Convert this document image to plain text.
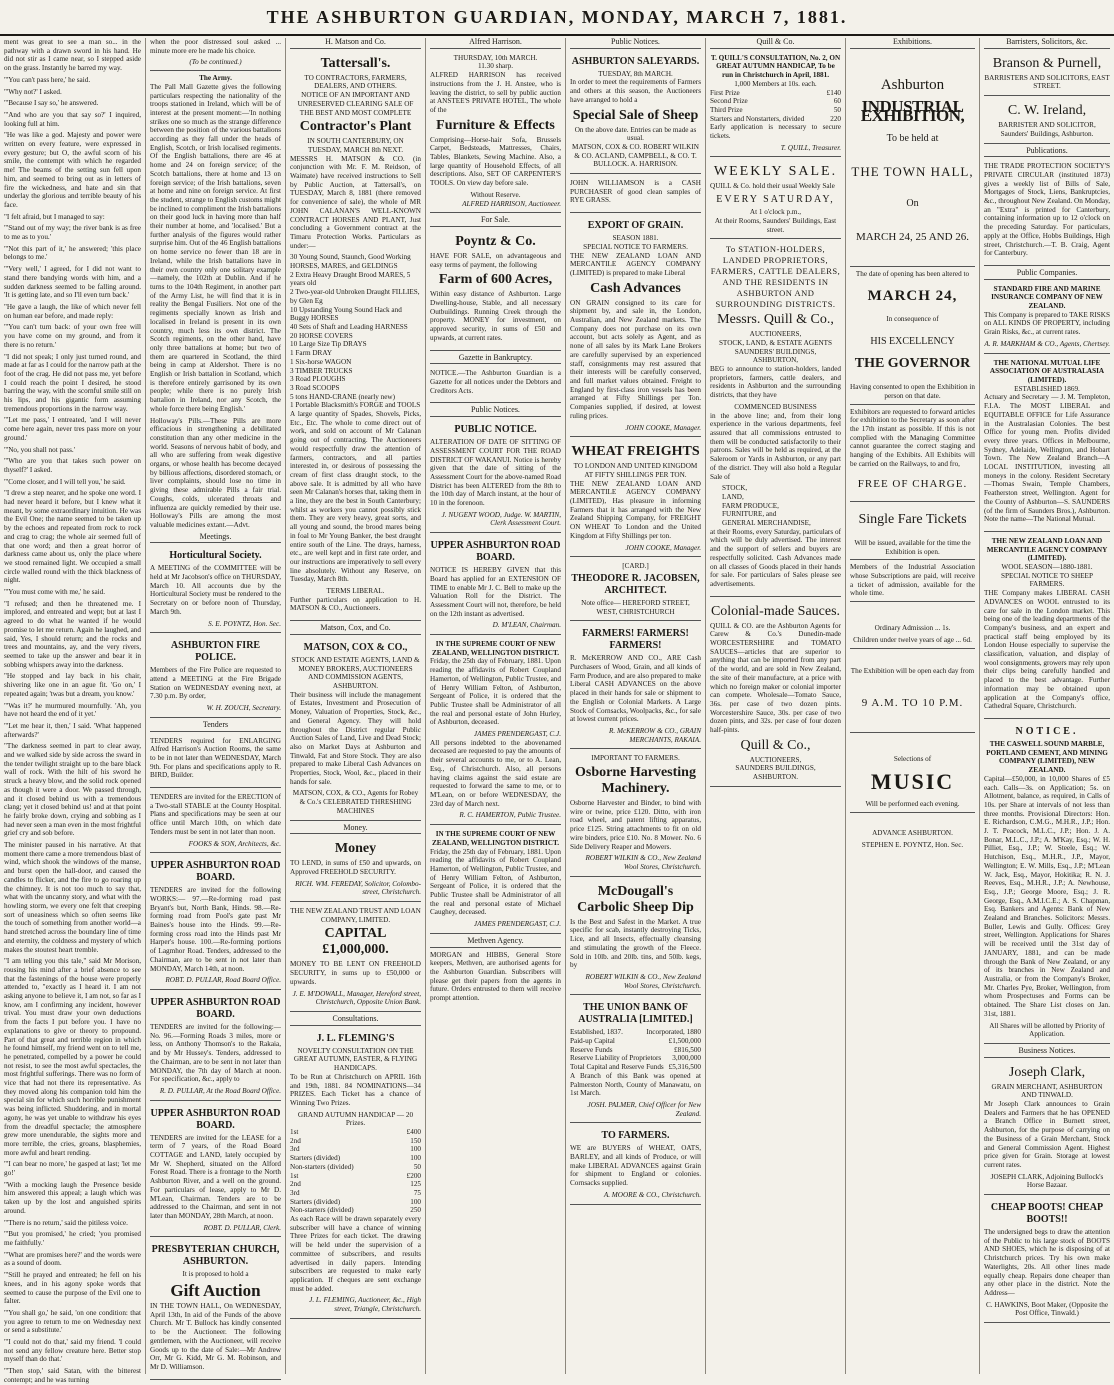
THE ASHBURTON GUARDIAN, MONDAY, MARCH 7, 1881.

ment was great to see a man so... in the pathway with a drawn sword in his hand. He did not stir as I came near, so I stepped aside on the grass. Instantly he barred my way.

"'You can't pass here,' he said.

"'Why not?' I asked.

"'Because I say so,' he answered.

"'And who are you that say so?' I inquired, looking full at him.

"He was like a god. Majesty and power were written on every feature, were expressed in every gesture; but O, the awful scorn of his smile, the contempt with which he regarded me! The beams of the setting sun fell upon him, and seemed to bring out as in letters of fire the wickedness, and hate and sin that underlay the glorious and terrible beauty of his face.

"I felt afraid, but I managed to say:

"'Stand out of my way; the river bank is as free to me as to you.'

"'Not this part of it,' he answered; 'this place belongs to me.'

"'Very well,' I agreed, for I did not want to stand there bandying words with him, and a sudden darkness seemed to be falling around. 'It is getting late, and so I'll even turn back.'

"He gave a laugh, the like of which never fell on human ear before, and made reply:

"'You can't turn back: of your own free will you have come on my ground, and from it there is no return.'

"I did not speak; I only just turned round, and made at far as I could for the narrow path at the foot of the crag. He did not pass me, yet before I could reach the point I desired, he stood barring the way, with the scornful smile still on his lips, and his gigantic form assuming tremendous proportions in the narrow way.

"'Let me pass,' I entreated, 'and I will never come here again, never tres pass more on your ground.'

"'No, you shall not pass.'

"'Who are you that takes such power on thyself?' I asked.

"'Come closer, and I will tell you,' he said.

"I drew a step nearer, and he spoke one word. I had never heard it before, but I knew what it meant, by some extraordinary intuition. He was the Evil One; the name seemed to be taken up by the echoes and repeated from rock to rock and crag to crag; the whole air seemed full of that one word; and then a great horror of darkness came about us, only the place where we stood remained light. We occupied a small circle walled round with the thick blackness of night.

"'You must come with me,' he said.

"I refused; and then he threatened me. I implored, and entreated and wept; but at last I agreed to do what he wanted if he would promise to let me return. Again he laughed, and said, Yes, I should return; and the rocks and trees and mountains, ay, and the very rivers, seemed to take up the answer and bear it in sobbing whispers away into the darkness.

"He stopped and lay back in his chair, shivering like one in an ague fit. 'Go on,' I repeated again; 'twas but a dream, you know.'

"'Was it?' he murmured mournfully. 'Ah, you have not heard the end of it yet.'

"'Let me hear it, then,' I said. 'What happened afterwards?'

"The darkness seemed in part to clear away, and we walked side by side across the sward in the tender twilight straight up to the bare black wall of rock. With the hilt of his sword he struck a heavy blow, and the solid rock opened as though it were a door. We passed through, and it closed behind us with a tremendous clang; yet it closed behind us! and at that point he fairly broke down, crying and sobbing as I had never seen a man even in the most frightful grief cry and sob before.

The minister paused in his narrative. At that moment there came a more tremendous blast of wind, which shook the windows of the manse, and burst open the hall-door, and caused the candles to flicker, and the fire to go roaring up the chimney. It is not too much to say that, what with the uncanny story, and what with the howling storm, we every one felt that creeping sort of uneasiness which so often seems like the touch of something from another world—a hand stretched across the boundary line of time and eternity, the coldness and mystery of which makes the stoutest heart tremble.

"I am telling you this tale," said Mr Morison, rousing his mind after a brief absence to see that the fastenings of the house were properly attended to, "exactly as I heard it. I am not asking anyone to believe it, I am not, so far as I know, am I confirming any incident, however trival. You must draw your own deductions from the facts I put before you. I have no explanations to give or theory to propound. Part of that great and terrible region in which he found himself, my friend went on to tell me, he penetrated, compelled by a power he could not resist, to see the most awful spectacles, the most frightful sufferings. There was no form of vice that had not there its representative. As they moved along his companion told him the special sin for which such horrible punishment was being inflicted. Shuddering, and in mortal agony, he was yet unable to withdraw his eyes from the dreadful spectacle; the atmosphere grew more unendurable, the sights more and more terrible, the cries, groans, blasphemies, more awful and heart rending.

"'I can bear no more,' he gasped at last; 'let me go!'

"With a mocking laugh the Presence beside him answered this appeal; a laugh which was taken up by the lost and anguished spirits around.

"'There is no return,' said the pitiless voice.

"'But you promised,' he cried; 'you promised me faithfully.'

"'What are promises here?' and the words were as a sound of doom.

"'Still he prayed and entreated; he fell on his knees, and in his agony spoke words that seemed to cause the purpose of the Evil one to falter.

"'You shall go,' he said, 'on one condition: that you agree to return to me on Wednesday next or send a substitute.'

"'I could not do that,' said my friend. 'I could not send any fellow creature here. Better stop myself than do that.'

"'Then stop,' said Satan, with the bitterest contempt; and he was turning

when the poor distressed soul asked ... minute more ere he made his choice.

(To be continued.)

The Army.

The Pall Mall Gazette gives the following particulars respecting the nationality of the troops stationed in Ireland, which will be of interest at the present moment:—'In nothing strikes one so much as the strange difference between the position of the various battalions according as they fall under the heads of English, Scotch, or Irish localised regiments. Of the English battalions, there are 46 at home and 24 on foreign service; of the Scotch battalions, there at home and 13 on foreign service; of the Irish battalions, seven at home and nine on foreign service. At first the student, strange to English customs might be inclined to compliment the Irish battalions on their good luck in having more than half their number at home, and 'localised.' But a further analysis of the figures would rather surprise him. Out of the 46 English battalions on home service no fewer than 18 are in Ireland, while the Irish battalions have in their own country only one solitary example—namely, the 102th at Dublin. And if he turns to the 104th Regiment, in another part of the Army List, he will find that it is in reality the Bengal Fusiliers. Not one of the regiments specially known as Irish and localised in Ireland is present in its own country, much less its own district. The Scotch regiments, on the other hand, have only three battalions at home; but two of them are quartered in Scotland, the third being in camp at Aldershot. There is no English or Irish battalion in Scotland, which is therefore entirely garrisoned by its own people; while there is no purely Irish battalion in Ireland, nor any Scotch, the whole force there being English.'

Holloway's Pills.—These Pills are more efficacious in strengthening a debilitated constitution than any other medicine in the world. Seasons of nervous habit of body, and all who are suffering from weak digestive organs, or whose health has become decayed by billious affections, disordered stomach, or liver complaints, should lose no time in giving these admirable Pills a fair trial. Coughs, colds, ulcerated throats and influenza are quickly remedied by their use. Holloway's Pills are among the most valuable medicines extant.—Advt.

Meetings.
Horticultural Society.

A MEETING of the COMMITTEE will be held at Mr Jacobson's office on THURSDAY, March 10. All accounts due by the Horticultural Society must be rendered to the Secretary on or before noon of Thursday, March 9th.

S. E. POYNTZ, Hon. Sec.
ASHBURTON FIRE POLICE.

Members of the Fire Police are requested to attend a MEETING at the Fire Brigade Station on WEDNESDAY evening next, at 7.30 p.m. By order,

W. H. ZOUCH, Secretary.
Tenders

TENDERS required for ENLARGING Alfred Harrison's Auction Rooms, the same to be in not later than WEDNESDAY, March 9th. For plans and specifications apply to R. BIRD, Builder.

TENDERS are invited for the ERECTION of a Two-stall STABLE at the County Hospital. Plans and specifications may be seen at our office until March 10th, on which date Tenders must be sent in not later than noon.

FOOKS & SON, Architects, &c.
UPPER ASHBURTON ROAD BOARD.

TENDERS are invited for the following WORKS:— 97.—Re-forming road past Bryant's but, North Bank, Hinds. 98.—Re-forming road from Pool's gate past Mr Baines's house into the Hinds. 99.—Re-forming cross road into the Hinds past Mr Harper's house. 100.—Re-forming portions of Lagmhor Road. Tenders, addressed to the Chairman, are to be sent in not later than MONDAY, March 14th, at noon.

ROBT. D. PULLAR, Road Board Office.
UPPER ASHBURTON ROAD BOARD.

TENDERS are invited for the following:— No. 96.—Forming Roads 3 miles, more or less, on Anthony Thomson's to the Rakaia, and by Mr Hussey's. Tenders, addressed to the Chairman, are to be sent in not later than MONDAY, the 7th day of March at noon. For specification, &c., apply to

R. D. PULLAR, At the Road Board Office.
UPPER ASHBURTON ROAD BOARD.

TENDERS are invited for the LEASE for a term of 7 years, of the Road Board COTTAGE and LAND, lately occupied by Mr W. Shepherd, situated on the Alford Forest Road. There is a frontage to the North Ashburton River, and a well on the ground. For particulars of lease, apply to Mr D. M'Lean, Chairman. Tenders are to be addressed to the Chairman, and sent in not later than MONDAY, 28th March, at noon.

ROBT. D. PULLAR, Clerk.
PRESBYTERIAN CHURCH, ASHBURTON.
It is proposed to hold a
Gift Auction

IN THE TOWN HALL, On WEDNESDAY, April 13th, In aid of the Funds of the above Church. Mr T. Bullock has kindly consented to be the Auctioneer. The following gentlemen, with the Auctioneer, will receive Goods up to the date of Sale:—Mr Andrew Orr, Mr G. Kidd, Mr G. M. Robinson, and Mr D. Williamson.

H. Matson and Co.
Tattersall's.
TO CONTRACTORS, FARMERS, DEALERS, AND OTHERS.
NOTICE OF AN IMPORTANT AND UNRESERVED CLEARING SALE OF THE BEST AND MOST COMPLETE
Contractor's Plant
IN SOUTH CANTERBURY, ON TUESDAY, MARCH 8th NEXT.

MESSRS H. MATSON & CO. (in conjunction with Mr. F. M. Reidson, of Waimate) have received instructions to Sell by Public Auction, at Tattersall's, on TUESDAY, March 8, 1881 (there removed for convenience of sale), the whole of MR JOHN CALANAN'S WELL-KNOWN CONTRACT HORSES AND PLANT, Just concluding a Government contract at the Timaru Protection Works. Particulars as under:—

30 Young Sound, Staunch, Good Working HORSES, MARES, and GELDINGS
2 Extra Heavy Draught Brood MARES, 5 years old
2 Two-year-old Unbroken Draught FILLIES, by Glen Eg
10 Upstanding Young Sound Hack and Buggy HORSES
40 Sets of Shaft and Leading HARNESS
20 HORSE COVERS
10 Large Size Tip DRAYS
1 Farm DRAY
1 Six-horse WAGON
3 TIMBER TRUCKS
3 Road PLOUGHS
3 Road SCOOPS
5 tons HAND-CRANE (nearly new)
1 Portable Blacksmith's FORGE and TOOLS

A large quantity of Spades, Shovels, Picks, Etc., Etc. The whole to come direct out of work, and sold on account of Mr Calanan going out of contracting. The Auctioneers would respectfully draw the attention of farmers, contractors, and all parties interested in, or desirous of possessing the cream of first class draught stock, to the above sale. It is admitted by all who have seen Mr Calanan's horses that, taking them in a line, they are the best in South Canterbury; whilst as workers you cannot possibly stick them. They are very heavy, great sorts, and all young and sound, the brood mares being in foal to Mr Young Banker, the best draught entire south of the Line. The drays, harness, etc., are well kept and in first rate order, and our instructions are imperatively to sell every line absolutely. Without any Reserve, on Tuesday, March 8th.

TERMS LIBERAL.

Further particulars on application to H. MATSON & CO., Auctioneers.

Matson, Cox, and Co.
MATSON, COX & CO.,
STOCK AND ESTATE AGENTS, LAND & MONEY BROKERS, AUCTIONEERS AND COMMISSION AGENTS, ASHBURTON.

Their business will include the management of Estates, Investment and Prosecution of Money, Valuation of Properties, Stock, &c., and General Agency. They will hold throughout the District regular Public Auction Sales of Land, Live and Dead Stock; also on Market Days at Ashburton and Tinwald, Fat and Store Stock. They are also prepared to make Liberal Cash Advances on Properties, Stock, Wool, &c., placed in their hands for sale.

MATSON, COX, & CO., Agents for Robey & Co.'s CELEBRATED THRESHING MACHINES
Money.
Money

TO LEND, in sums of £50 and upwards, on Approved FREEHOLD SECURITY.

RICH. WM. FEREDAY, Solicitor, Colombo-street, Christchurch.
THE NEW ZEALAND TRUST AND LOAN COMPANY, LIMITED.
CAPITAL £1,000,000.

MONEY TO BE LENT ON FREEHOLD SECURITY, in sums up to £50,000 or upwards.

J. E. M'DOWALL, Manager, Hereford street, Christchurch, Opposite Union Bank.
Consultations.
J. L. FLEMING'S
NOVELTY CONSULTATION ON THE GREAT AUTUMN, EASTER, & FLYING HANDICAPS.

To be Run at Christchurch on APRIL 16th and 19th, 1881. 84 NOMINATIONS—34 PRIZES. Each Ticket has a chance of Winning Two Prizes.

GRAND AUTUMN HANDICAP — 20 Prizes.
1st	£400
2nd	150
3rd	100
Starters (divided)	100
Non-starters (divided)	50
1st	£200
2nd	125
3rd	75
Starters (divided)	100
Non-starters (divided)	250

As each Race will be drawn separately every subscriber will have a chance of winning Three Prizes for each ticket. The drawing will be held under the supervision of a committee of subscribers, and results advertised in daily papers. Intending subscribers are requested to make early application. If cheques are sent exchange must be added.

J. L. FLEMING, Auctioneer, &c., High street, Triangle, Christchurch.
Alfred Harrison.
THURSDAY, 10th MARCH.
11.30 sharp.

ALFRED HARRISON has received instructions from the J. H. Anstee, who is leaving the district, to sell by public auction at ANSTEE'S PRIVATE HOTEL, The whole of the

Furniture & Effects

Comprising—Horse-hair Sofa, Brussels Carpet, Bedsteads, Mattresses, Chairs, Tables, Blankets, Sewing Machine. Also, a large quantity of Household Effects, of all descriptions. Also, SET OF CARPENTER'S TOOLS. On view day before sale.

Without Reserve.
ALFRED HARRISON, Auctioneer.
For Sale.
Poyntz & Co.

HAVE FOR SALE, on advantageous and easy terms of payment, the following

Farm of 600 Acres,

Within easy distance of Ashburton. Large Dwelling-house, Stable, and all necessary Outbuildings. Running Creek through the property. MONEY for investment, on approved security, in sums of £50 and upwards, at current rates.

Gazette in Bankruptcy.

NOTICE.—The Ashburton Guardian is a Gazette for all notices under the Debtors and Creditors Acts.

Public Notices.
PUBLIC NOTICE.

ALTERATION OF DATE OF SITTING OF ASSESSMENT COURT FOR THE ROAD DISTRICT OF WAKANUI. Notice is hereby given that the date of sitting of the Assessment Court for the above-named Road District has been ALTERED from the 8th to the 10th day of March instant, at the hour of 10 in the forenoon.

J. NUGENT WOOD, Judge. W. MARTIN, Clerk Assessment Court.
UPPER ASHBURTON ROAD BOARD.

NOTICE IS HEREBY GIVEN that this Board has applied for an EXTENSION OF TIME to enable Mr J. C. Bell to make up the Valuation Roll for the District. The Assessment Court will not, therefore, be held on the 12th instant as advertised.

D. M'LEAN, Chairman.
IN THE SUPREME COURT OF NEW ZEALAND, WELLINGTON DISTRICT.

Friday, the 25th day of February, 1881. Upon reading the affidavits of Robert Coupland Hamerton, of Wellington, Public Trustee, and of Henry William Felton, of Ashburton, Sergeant of Police, it is ordered that the Public Trustee shall be Administrator of all the real and personal estate of John Hurley, of Ashburton, deceased.

JAMES PRENDERGAST, C.J.

All persons indebted to the abovenamed deceased are requested to pay the amounts of their several accounts to me, or to A. Lean, Esq., of Christchurch. Also, all persons having claims against the said estate are requested to forward the same to me, or to M'Lean, on or before WEDNESDAY, the 23rd day of March next.

R. C. HAMERTON, Public Trustee.
IN THE SUPREME COURT OF NEW ZEALAND, WELLINGTON DISTRICT.

Friday, the 25th day of February, 1881. Upon reading the affidavits of Robert Coupland Hamerton, of Wellington, Public Trustee, and of Henry William Felton, of Ashburton, Sergeant of Police, it is ordered that the Public Trustee shall be Administrator of all the real and personal estate of Michael Caughey, deceased.

JAMES PRENDERGAST, C.J.
Methven Agency.

MORGAN and HIBBS, General Store keepers, Methven, are authorised agents for the Ashburton Guardian. Subscribers will please get their papers from the agents in future. Orders entrusted to them will receive prompt attention.

Public Notices.
ASHBURTON SALEYARDS.
TUESDAY, 8th MARCH.

In order to meet the requirements of Farmers and others at this season, the Auctioneers have arranged to hold a

Special Sale of Sheep
On the above date. Entries can be made as usual.
MATSON, COX & CO. ROBERT WILKIN & CO. ACLAND, CAMPBELL, & CO. T. BULLOCK. A. HARRISON.

JOHN WILLIAMSON is a CASH PURCHASER of good clean samples of RYE GRASS.

EXPORT OF GRAIN.
SEASON 1881.
SPECIAL NOTICE TO FARMERS.

THE NEW ZEALAND LOAN AND MERCANTILE AGENCY COMPANY (LIMITED) is prepared to make Liberal

Cash Advances

ON GRAIN consigned to its care for shipment by, and sale in, the London, Australian, and New Zealand markets. The Company does not purchase on its own account, but acts solely as Agent, and as none of all sales by its Mark Lane Brokers are carefully supervised by an experienced staff, consignments may rest assured that their interests will be carefully conserved, and full market values obtained. Freight to England by first-class iron vessels has been arranged at Fifty Shillings per Ton. Companies supplied, if desired, at lowest ruling prices.

JOHN COOKE, Manager.
WHEAT FREIGHTS
TO LONDON AND UNITED KINGDOM AT FIFTY SHILLINGS PER TON.

THE NEW ZEALAND LOAN AND MERCANTILE AGENCY COMPANY (LIMITED), Has pleasure in informing Farmers that it has arranged with the New Zealand Shipping Company, for FREIGHT ON WHEAT To London and the United Kingdom at Fifty Shillings per ton.

JOHN COOKE, Manager.
[CARD.]
THEODORE R. JACOBSEN, ARCHITECT.
Note office— HEREFORD STREET, WEST, CHRISTCHURCH
FARMERS! FARMERS! FARMERS!

R. McKERROW AND CO., ARE Cash Purchasers of Wood, Grain, and all kinds of Farm Produce, and are also prepared to make Liberal CASH ADVANCES on the above placed in their hands for sale or shipment to the English or Colonial Markets. A Large Stock of Cornsacks, Woolpacks, &c., for sale at lowest current prices.

R. McKERROW & CO., GRAIN MERCHANTS, RAKAIA.
IMPORTANT TO FARMERS.
Osborne Harvesting Machinery.

Osborne Harvester and Binder, to bind with wire or twine, price £120. Ditto, with iron road wheel, and patent lifting apparatus, price £125. String attachments to fit on old wire binders, price £10. No. 8 Mower. No. 6 Side Delivery Reaper and Mowers.

ROBERT WILKIN & CO., New Zealand Wool Stores, Christchurch.
McDougall's Carbolic Sheep Dip

Is the Best and Safest in the Market. A true specific for scab, instantly destroying Ticks, Lice, and all Insects, effectually cleansing and stimulating the growth of the Fleece. Sold in 10lb. and 20lb. tins, and 50lb. kegs, by

ROBERT WILKIN & CO., New Zealand Wool Stores, Christchurch.
THE UNION BANK OF AUSTRALIA [LIMITED.]
Established, 1837.	Incorporated, 1880
Paid-up Capital	£1,500,000
Reserve Funds	£816,500
Reserve Liability of Proprietors 3,000,000
Total Capital and Reserve Funds £5,316,500

A Branch of this Bank was opened at Palmerston North, County of Manawatu, on 1st March.

JOSH. PALMER, Chief Officer for New Zealand.
TO FARMERS.

WE are BUYERS of WHEAT, OATS, BARLEY, and all kinds of Produce, or will make LIBERAL ADVANCES against Grain for shipment to England or colonies. Cornsacks supplied.

A. MOORE & CO., Christchurch.
Quill & Co.
T. QUILL'S CONSULTATION, No. 2, ON GREAT AUTUMN HANDICAP, To be run in Christchurch in April, 1881.
1,000 Members at 10s. each.
First Prize	£140
Second Prize	60
Third Prize	50
Starters and Nonstarters, divided	220

Early application is necessary to secure tickets.

T. QUILL, Treasurer.
WEEKLY SALE.

QUILL & Co. hold their usual Weekly Sale

EVERY SATURDAY,
At 1 o'clock p.m.,
At their Rooms, Saunders' Buildings, East street.
To STATION-HOLDERS, LANDED PROPRIETORS, FARMERS, CATTLE DEALERS, AND THE RESIDENTS IN ASHBURTON AND SURROUNDING DISTRICTS.
Messrs. Quill & Co.,
AUCTIONEERS,
STOCK, LAND, & ESTATE AGENTS
SAUNDERS' BUILDINGS,
ASHBURTON,

BEG to announce to station-holders, landed proprietors, farmers, cattle dealers, and residents in Ashburton and the surrounding districts, that they have

COMMENCED BUSINESS

in the above line; and, from their long experience in the various departments, feel assured that all commissions entrusted to them will be conducted satisfactorily to their patrons. Sales will be held as required, at the Saleroom or Yards in Ashburton, or any part of the district. They will also hold a Regular Sale of

STOCK,
LAND,
FARM PRODUCE,
FURNITURE, and
GENERAL MERCHANDISE,

at their Rooms, every Saturday, particulars of which will be duly advertised. The interest and the support of sellers and buyers are respectfully solicited. Cash Advances made on all classes of Goods placed in their hands for sale. For particulars of Sales please see advertisements.

Colonial-made Sauces.

QUILL & CO. are the Ashburton Agents for Carew & Co.'s Dunedin-made WORCESTERSHIRE and TOMATO SAUCES—articles that are superior to anything that can be imported from any part of the world, and are sold in New Zealand, the site of their manufacture, at a price with which no foreign maker or colonial importer can compete. Wholesale—Tomato Sauce, 36s. per case of two dozen pints. Worcestershire Sauce, 30s. per case of two dozen pints, and 32s. per case of four dozen half-pints.

Quill & Co.,
AUCTIONEERS,
SAUNDERS BUILDINGS,
ASHBURTON.
Exhibitions.
Ashburton
INDUSTRIAL EXHIBITION,
To be held at
THE TOWN HALL,
On
MARCH 24, 25 AND 26.

The date of opening has been altered to

MARCH 24,

In consequence of

HIS EXCELLENCY
THE GOVERNOR

Having consented to open the Exhibition in person on that date.

Exhibitors are requested to forward articles for exhibition to the Secretary as soon after the 17th instant as possible. If this is not complied with the Managing Committee cannot guarantee the correct staging and hanging of the Exhibits. All Exhibits will be carried on the Railways, to and fro,

FREE OF CHARGE.
Single Fare Tickets

Will be issued, available for the time the Exhibition is open.

Members of the Industrial Association whose Subscriptions are paid, will receive a ticket of admission, available for the whole time.

Ordinary Admission ... 1s.

Children under twelve years of age ... 6d.

The Exhibition will be open each day from

9 A.M. TO 10 P.M.

Selections of

MUSIC

Will be performed each evening.

ADVANCE ASHBURTON.

STEPHEN E. POYNTZ, Hon. Sec.
Barristers, Solicitors, &c.
Branson & Purnell,
BARRISTERS AND SOLICITORS, EAST STREET.
C. W. Ireland,
BARRISTER AND SOLICITOR, Saunders' Buildings, Ashburton.
Publications.

THE TRADE PROTECTION SOCIETY'S PRIVATE CIRCULAR (instituted 1873) gives a weekly list of Bills of Sale, Mortgages of Stock, Liens, Bankruptcies, &c., throughout New Zealand. On Monday, an "Extra" is printed for Canterbury, containing information up to 12 o'clock on the preceding Saturday. For particulars, apply at the Office, Hobbs Buildings, High street, Christchurch.—T. B. Craig, Agent for Canterbury.

Public Companies.
STANDARD FIRE AND MARINE INSURANCE COMPANY OF NEW ZEALAND.

This Company is prepared to TAKE RISKS on ALL KINDS OF PROPERTY, including Grain Risks, &c., at current rates.

A. R. MARKHAM & CO., Agents, Chertsey.
THE NATIONAL MUTUAL LIFE ASSOCIATION OF AUSTRALASIA (LIMITED).
ESTABLISHED 1869.

Actuary and Secretary — J. M. Templeton, F.I.A. The MOST LIBERAL and EQUITABLE OFFICE for Life Assurance in the Australasian Colonies. The best Office for young men. Profits divided every three years. Offices in Melbourne, Sydney, Adelaide, Wellington, and Hobart Town. The New Zealand Branch—A LOCAL INSTITUTION, investing all moneys in the colony. Resident Secretary—Thomas Swain, Temple Chambers, Featherston street, Wellington. Agent for the County of Ashburton—S. SAUNDERS (of the firm of Saunders Bros.), Ashburton. Note the name—The National Mutual.

THE NEW ZEALAND LOAN AND MERCANTILE AGENCY COMPANY (LIMITED).
WOOL SEASON—1880-1881.
SPECIAL NOTICE TO SHEEP FARMERS.

THE Company makes LIBERAL CASH ADVANCES on WOOL entrusted to its care for sale in the London market. This being one of the leading departments of the Company's business, and an expert and practical staff being employed by its London House especially to supervise the classification, valuation, and display of wool consignments, growers may rely upon their clips being carefully handled and placed to the best advantage. Further information may be obtained upon application at the Company's office, Cathedral Square, Christchurch.

NOTICE.
THE CASWELL SOUND MARBLE, PORTLAND CEMENT, AND MINING COMPANY (LIMITED), NEW ZEALAND.

Capital—£50,000, in 10,000 Shares of £5 each. Calls—3s. on Application; 5s. on Allotment, balance, as required, in Calls of 10s. per Share at intervals of not less than three months. Provisional Directors: Hon. E. Richardson, C.M.G., M.H.R., J.P.; Hon. J. T. Peacock, M.L.C., J.P.; Hon. J. A. Bonar, M.L.C., J.P.; A. M'Kay, Esq.; W. H. Pilliet, Esq., J.P.; W. Steele, Esq.; W. Hutchison, Esq., M.H.R., J.P., Mayor, Wellington; E. W. Mills, Esq., J.P.; M'Lean W. Jack, Esq., Mayor, Hokitika; R. N. J. Reeves, Esq., M.H.R., J.P.; A. Newhouse, Esq., J.P.; George Moore, Esq.; J. R. George, Esq., A.M.I.C.E.; A. S. Chapman, Esq. Bankers and Agents: Bank of New Zealand and Branches. Solicitors: Messrs. Buller, Lewis and Gully. Offices: Grey street, Wellington. Applications for Shares will be received until the 31st day of JANUARY, 1881, and can be made through the Bank of New Zealand, or any of its branches in New Zealand and Australia, or from the Company's Broker, Mr. Charles Pye, Broker, Wellington, from whom Prospectuses and Forms can be obtained. The Share List closes on Jan. 31st, 1881.

All Shares will be allotted by Priority of Application.
Business Notices.
Joseph Clark,
GRAIN MERCHANT, ASHBURTON AND TINWALD.

Mr Joseph Clark announces to Grain Dealers and Farmers that he has OPENED a Branch Office in Burnett street, Ashburton, for the purpose of carrying on the Business of a Grain Merchant, Stock and General Commission Agent. Highest price given for Grain. Storage at lowest current rates.

JOSEPH CLARK, Adjoining Bullock's Horse Bazaar.
CHEAP BOOTS! CHEAP BOOTS!!

The undersigned begs to draw the attention of the Public to his large stock of BOOTS AND SHOES, which he is disposing of at Christchurch prices. Try his own make Waterlights, 20s. All other lines made equally cheap. Repairs done cheaper than any other place in the district. Note the Address—

C. HAWKINS, Boot Maker, (Opposite the Post Office, Tinwald.)
